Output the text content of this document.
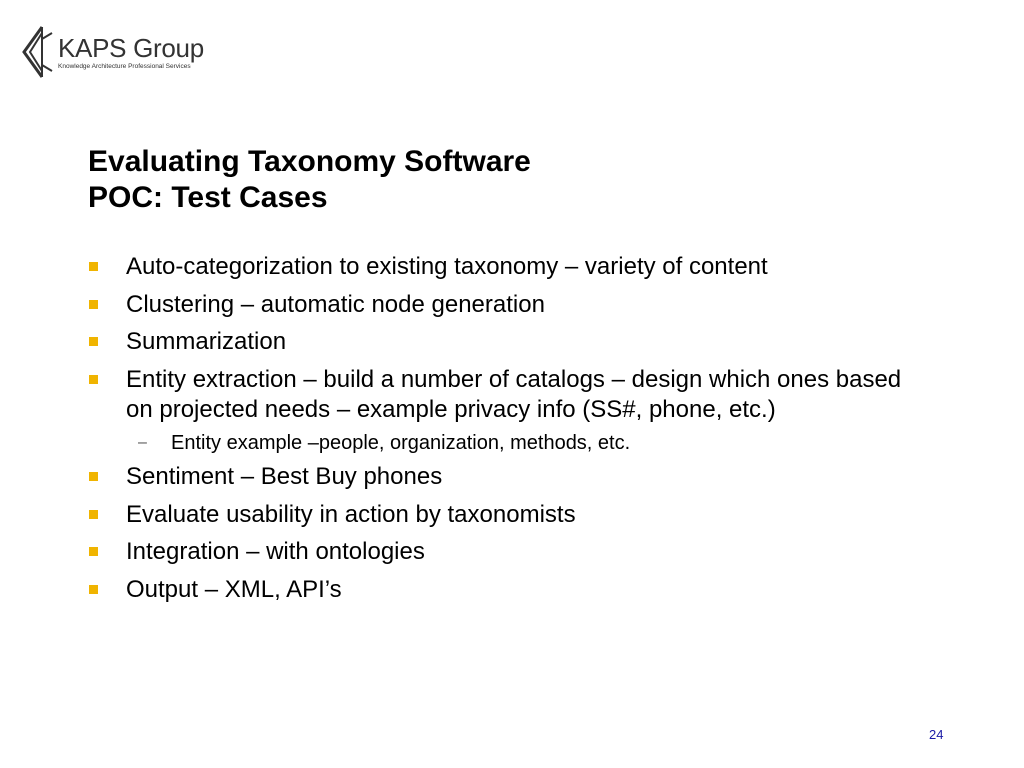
KAPS Group
Knowledge Architecture Professional Services
Evaluating Taxonomy Software
POC: Test Cases
Auto-categorization to existing taxonomy – variety of content
Clustering – automatic node generation
Summarization
Entity extraction – build a number of catalogs – design which ones based on projected needs – example privacy info (SS#, phone, etc.)
– Entity example –people, organization, methods, etc.
Sentiment – Best Buy phones
Evaluate usability in action by taxonomists
Integration – with ontologies
Output – XML, API’s
24
